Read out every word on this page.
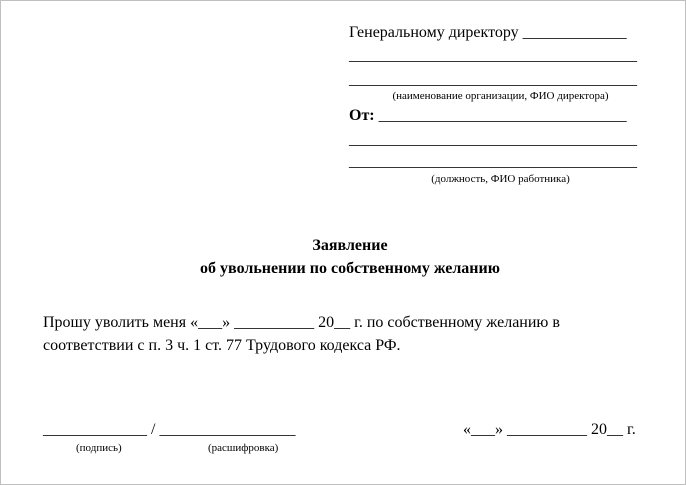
Генеральному директору _____________
____________________________________
____________________________________
(наименование организации, ФИО директора)
От: _______________________________
____________________________________
____________________________________
(должность, ФИО работника)
Заявление
об увольнении по собственному желанию
Прошу уволить меня «___» __________ 20__ г. по собственному желанию в
соответствии с п. 3 ч. 1 ст. 77 Трудового кодекса РФ.
_____________ / _________________
(подпись)	(расшифровка)
«___» __________ 20__ г.
